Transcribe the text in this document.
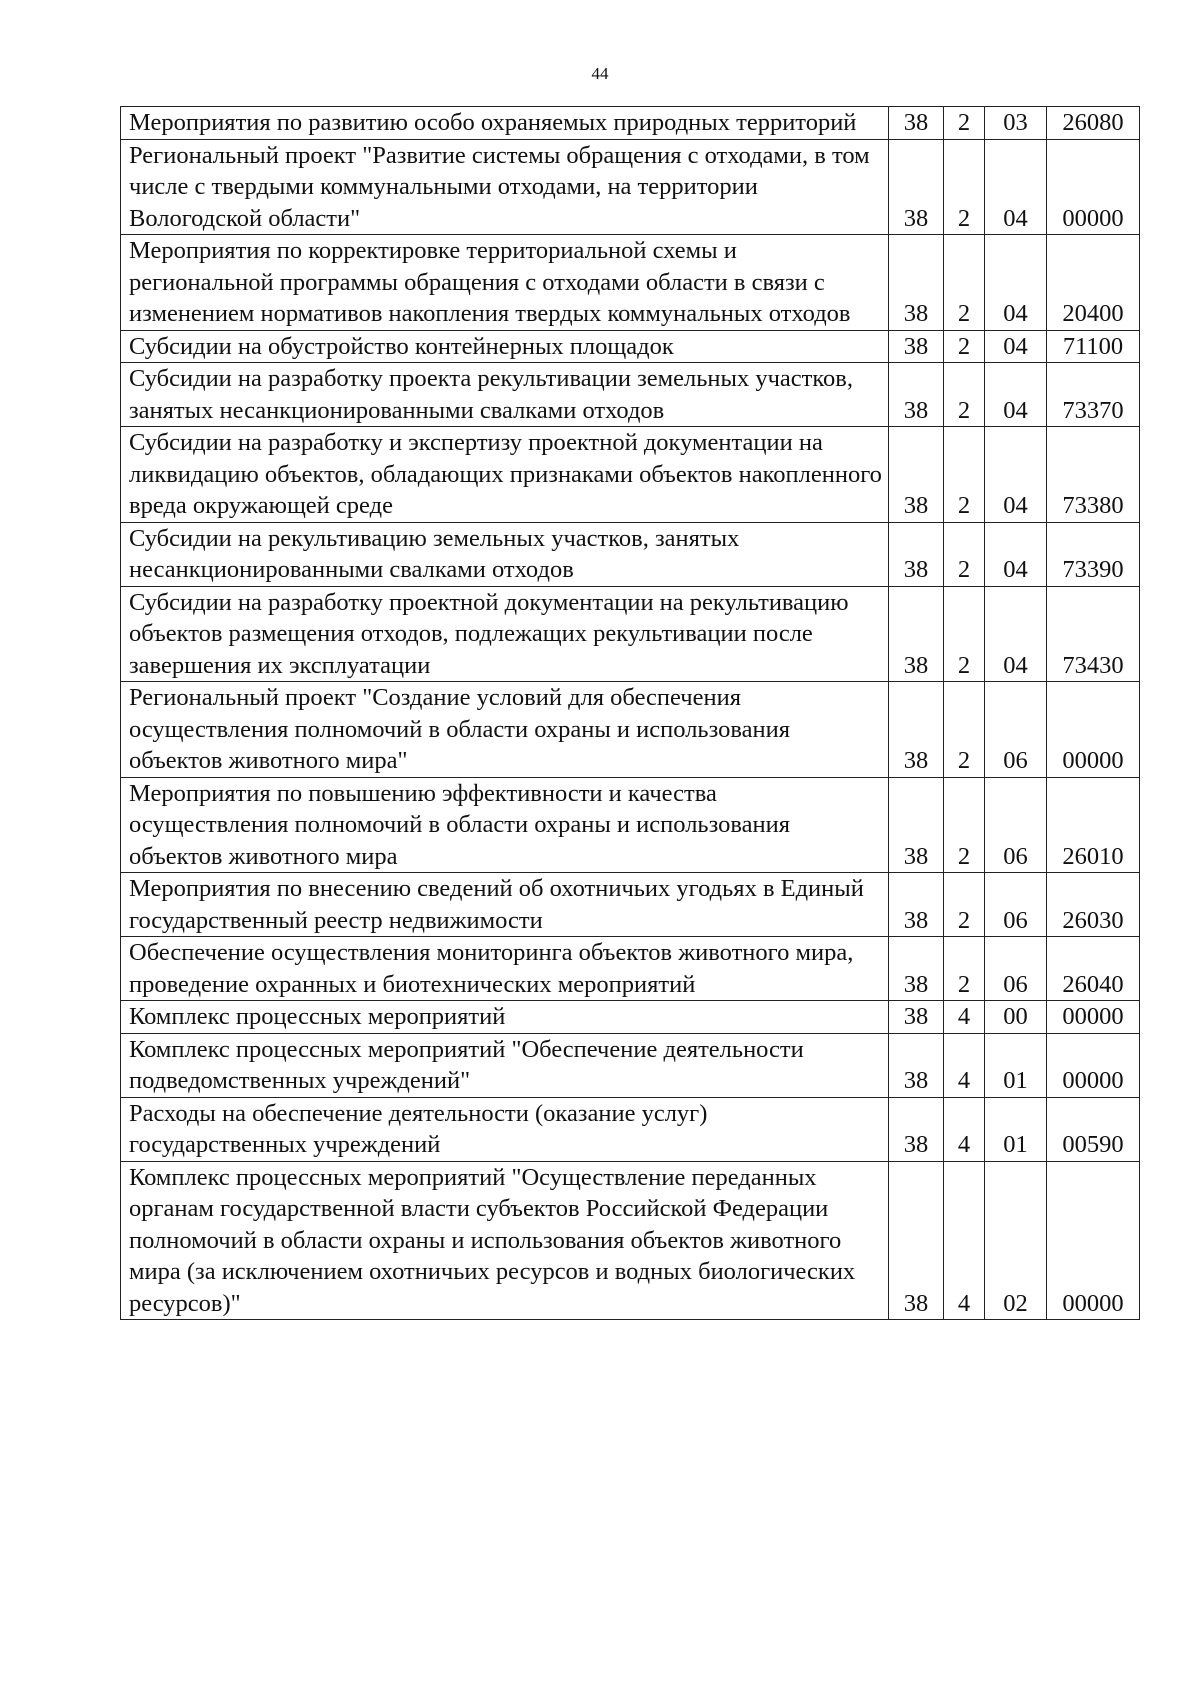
44
Мероприятия по развитию особо охраняемых природных территорий	38	2	03	26080
Региональный проект "Развитие системы обращения с отходами, в том числе с твердыми коммунальными отходами, на территории Вологодской области"	38	2	04	00000
Мероприятия по корректировке территориальной схемы и региональной программы обращения с отходами области в связи с изменением нормативов накопления твердых коммунальных отходов	38	2	04	20400
Субсидии на обустройство контейнерных площадок	38	2	04	71100
Субсидии на разработку проекта рекультивации земельных участков, занятых несанкционированными свалками отходов	38	2	04	73370
Субсидии на разработку и экспертизу проектной документации на ликвидацию объектов, обладающих признаками объектов накопленного вреда окружающей среде	38	2	04	73380
Субсидии на рекультивацию земельных участков, занятых несанкционированными свалками отходов	38	2	04	73390
Субсидии на разработку проектной документации на рекультивацию объектов размещения отходов, подлежащих рекультивации после завершения их эксплуатации	38	2	04	73430
Региональный проект "Создание условий для обеспечения осуществления полномочий в области охраны и использования объектов животного мира"	38	2	06	00000
Мероприятия по повышению эффективности и качества осуществления полномочий в области охраны и использования объектов животного мира	38	2	06	26010
Мероприятия по внесению сведений об охотничьих угодьях в Единый государственный реестр недвижимости	38	2	06	26030
Обеспечение осуществления мониторинга объектов животного мира, проведение охранных и биотехнических мероприятий	38	2	06	26040
Комплекс процессных мероприятий	38	4	00	00000
Комплекс процессных мероприятий "Обеспечение деятельности подведомственных учреждений"	38	4	01	00000
Расходы на обеспечение деятельности (оказание услуг) государственных учреждений	38	4	01	00590
Комплекс процессных мероприятий "Осуществление переданных органам государственной власти субъектов Российской Федерации полномочий в области охраны и использования объектов животного мира (за исключением охотничьих ресурсов и водных биологических ресурсов)"	38	4	02	00000
